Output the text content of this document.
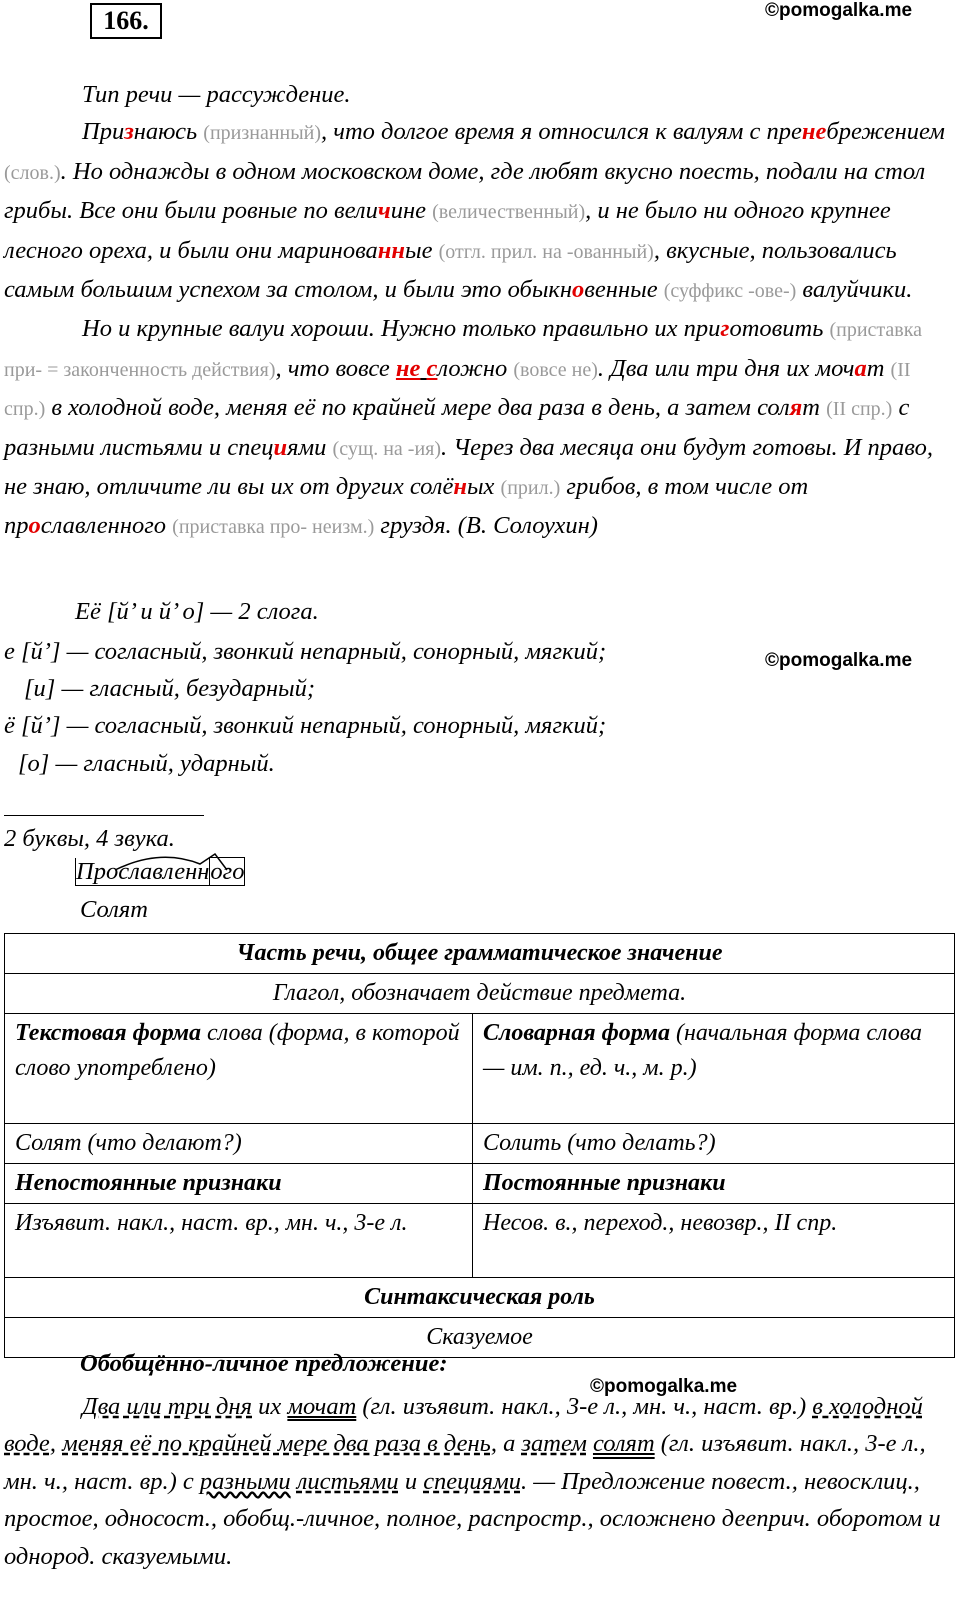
166.	©pomogalka.me

Тип речи — рассуждение.

Признаюсь (признанный), что долгое время я относился к валуям с пренебрежением (слов.). Но однажды в одном московском доме, где любят вкусно поесть, подали на стол грибы. Все они были ровные по величине (величественный), и не было ни одного крупнее лесного ореха, и были они маринованные (отгл. прил. на -ованный), вкусные, пользовались самым большим успехом за столом, и были это обыкновенные (суффикс -ове-) валуйчики.

Но и крупные валуи хороши. Нужно только правильно их приготовить (приставка при- = законченность действия), что вовсе не сложно (вовсе не). Два или три дня их мочат (II спр.) в холодной воде, меняя её по крайней мере два раза в день, а затем солят (II спр.) с разными листьями и специями (сущ. на -ия). Через два месяца они будут готовы. И право, не знаю, отличите ли вы их от других солёных (прил.) грибов, в том числе от прославленного (приставка про- неизм.) груздя. (В. Солоухин)

Её [й’ и й’ о] — 2 слога.
е [й’] — согласный, звонкий непарный, сонорный, мягкий;	©pomogalka.me
[и] — гласный, безударный;
ё [й’] — согласный, звонкий непарный, сонорный, мягкий;
[о] — гласный, ударный.
2 буквы, 4 звука.
Прославленного
Солят
Часть речи, общее грамматическое значение	
Глагол, обозначает действие предмета.	
Текстовая форма слова (форма, в которой слово употреблено)	Словарная форма (начальная форма слова — им. п., ед. ч., м. р.)
Солят (что делают?)	Солить (что делать?)
Непостоянные признаки	Постоянные признаки
Изъявит. накл., наст. вр., мн. ч., 3-е л.	Несов. в., переход., невозвр., II спр.
Синтаксическая роль	
Сказуемое	
Обобщённо-личное предложение:
©pomogalka.me
Два или три дня их мочат (гл. изъявит. накл., 3-е л., мн. ч., наст. вр.) в холодной воде, меняя её по крайней мере два раза в день, а затем солят (гл. изъявит. накл., 3-е л., мн. ч., наст. вр.) с разными листьями и специями. — Предложение повест., невосклиц., простое, односост., обобщ.-личное, полное, распростр., осложнено дееприч. оборотом и однород. сказуемыми.
